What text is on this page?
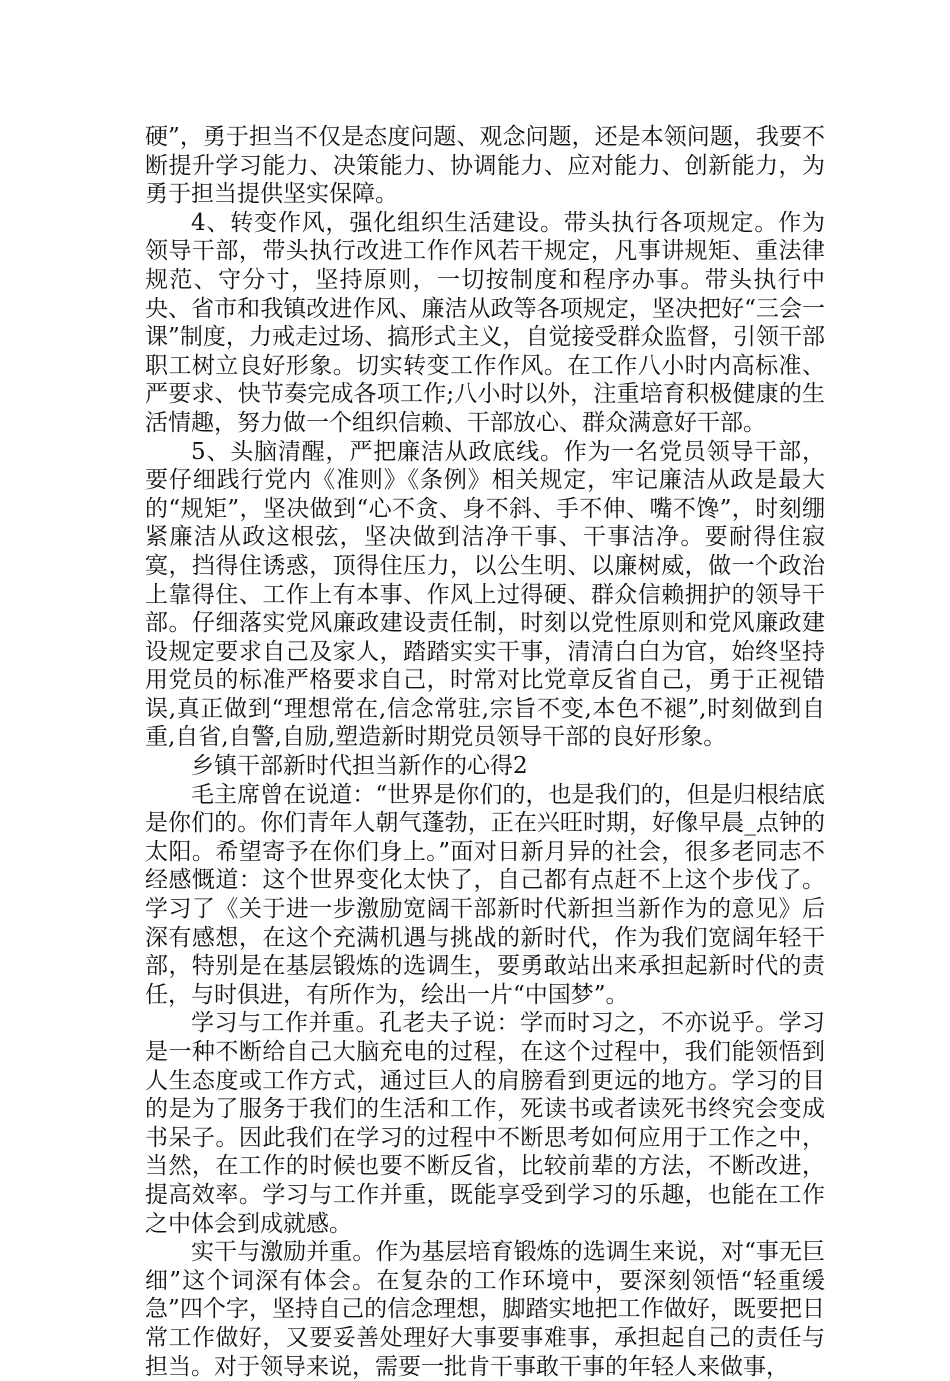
硬”，勇于担当不仅是态度问题、观念问题，还是本领问题，我要不断提升学习能力、决策能力、协调能力、应对能力、创新能力，为勇于担当提供坚实保障。

4、转变作风，强化组织生活建设。带头执行各项规定。作为领导干部，带头执行改进工作作风若干规定，凡事讲规矩、重法律规范、守分寸，坚持原则，一切按制度和程序办事。带头执行中央、省市和我镇改进作风、廉洁从政等各项规定，坚决把好“三会一课”制度，力戒走过场、搞形式主义，自觉接受群众监督，引领干部职工树立良好形象。切实转变工作作风。在工作八小时内高标准、严要求、快节奏完成各项工作;八小时以外，注重培育积极健康的生活情趣，努力做一个组织信赖、干部放心、群众满意好干部。

5、头脑清醒，严把廉洁从政底线。作为一名党员领导干部，要仔细践行党内《准则》《条例》相关规定，牢记廉洁从政是最大的“规矩”，坚决做到“心不贪、身不斜、手不伸、嘴不馋”，时刻绷紧廉洁从政这根弦，坚决做到洁净干事、干事洁净。要耐得住寂寞，挡得住诱惑，顶得住压力，以公生明、以廉树威，做一个政治上靠得住、工作上有本事、作风上过得硬、群众信赖拥护的领导干部。仔细落实党风廉政建设责任制，时刻以党性原则和党风廉政建设规定要求自己及家人，踏踏实实干事，清清白白为官，始终坚持用党员的标准严格要求自己，时常对比党章反省自己，勇于正视错误,真正做到“理想常在,信念常驻,宗旨不变,本色不褪”,时刻做到自重,自省,自警,自励,塑造新时期党员领导干部的良好形象。

乡镇干部新时代担当新作的心得2

毛主席曾在说道：“世界是你们的，也是我们的，但是归根结底是你们的。你们青年人朝气蓬勃，正在兴旺时期，好像早晨_点钟的太阳。希望寄予在你们身上。”面对日新月异的社会，很多老同志不经感慨道：这个世界变化太快了，自己都有点赶不上这个步伐了。学习了《关于进一步激励宽阔干部新时代新担当新作为的意见》后深有感想，在这个充满机遇与挑战的新时代，作为我们宽阔年轻干部，特别是在基层锻炼的选调生，要勇敢站出来承担起新时代的责任，与时俱进，有所作为，绘出一片“中国梦”。

学习与工作并重。孔老夫子说：学而时习之，不亦说乎。学习是一种不断给自己大脑充电的过程，在这个过程中，我们能领悟到人生态度或工作方式，通过巨人的肩膀看到更远的地方。学习的目的是为了服务于我们的生活和工作，死读书或者读死书终究会变成书呆子。因此我们在学习的过程中不断思考如何应用于工作之中，当然，在工作的时候也要不断反省，比较前辈的方法，不断改进，提高效率。学习与工作并重，既能享受到学习的乐趣，也能在工作之中体会到成就感。

实干与激励并重。作为基层培育锻炼的选调生来说，对“事无巨细”这个词深有体会。在复杂的工作环境中，要深刻领悟“轻重缓急”四个字，坚持自己的信念理想，脚踏实地把工作做好，既要把日常工作做好，又要妥善处理好大事要事难事，承担起自己的责任与担当。对于领导来说，需要一批肯干事敢干事的年轻人来做事，
